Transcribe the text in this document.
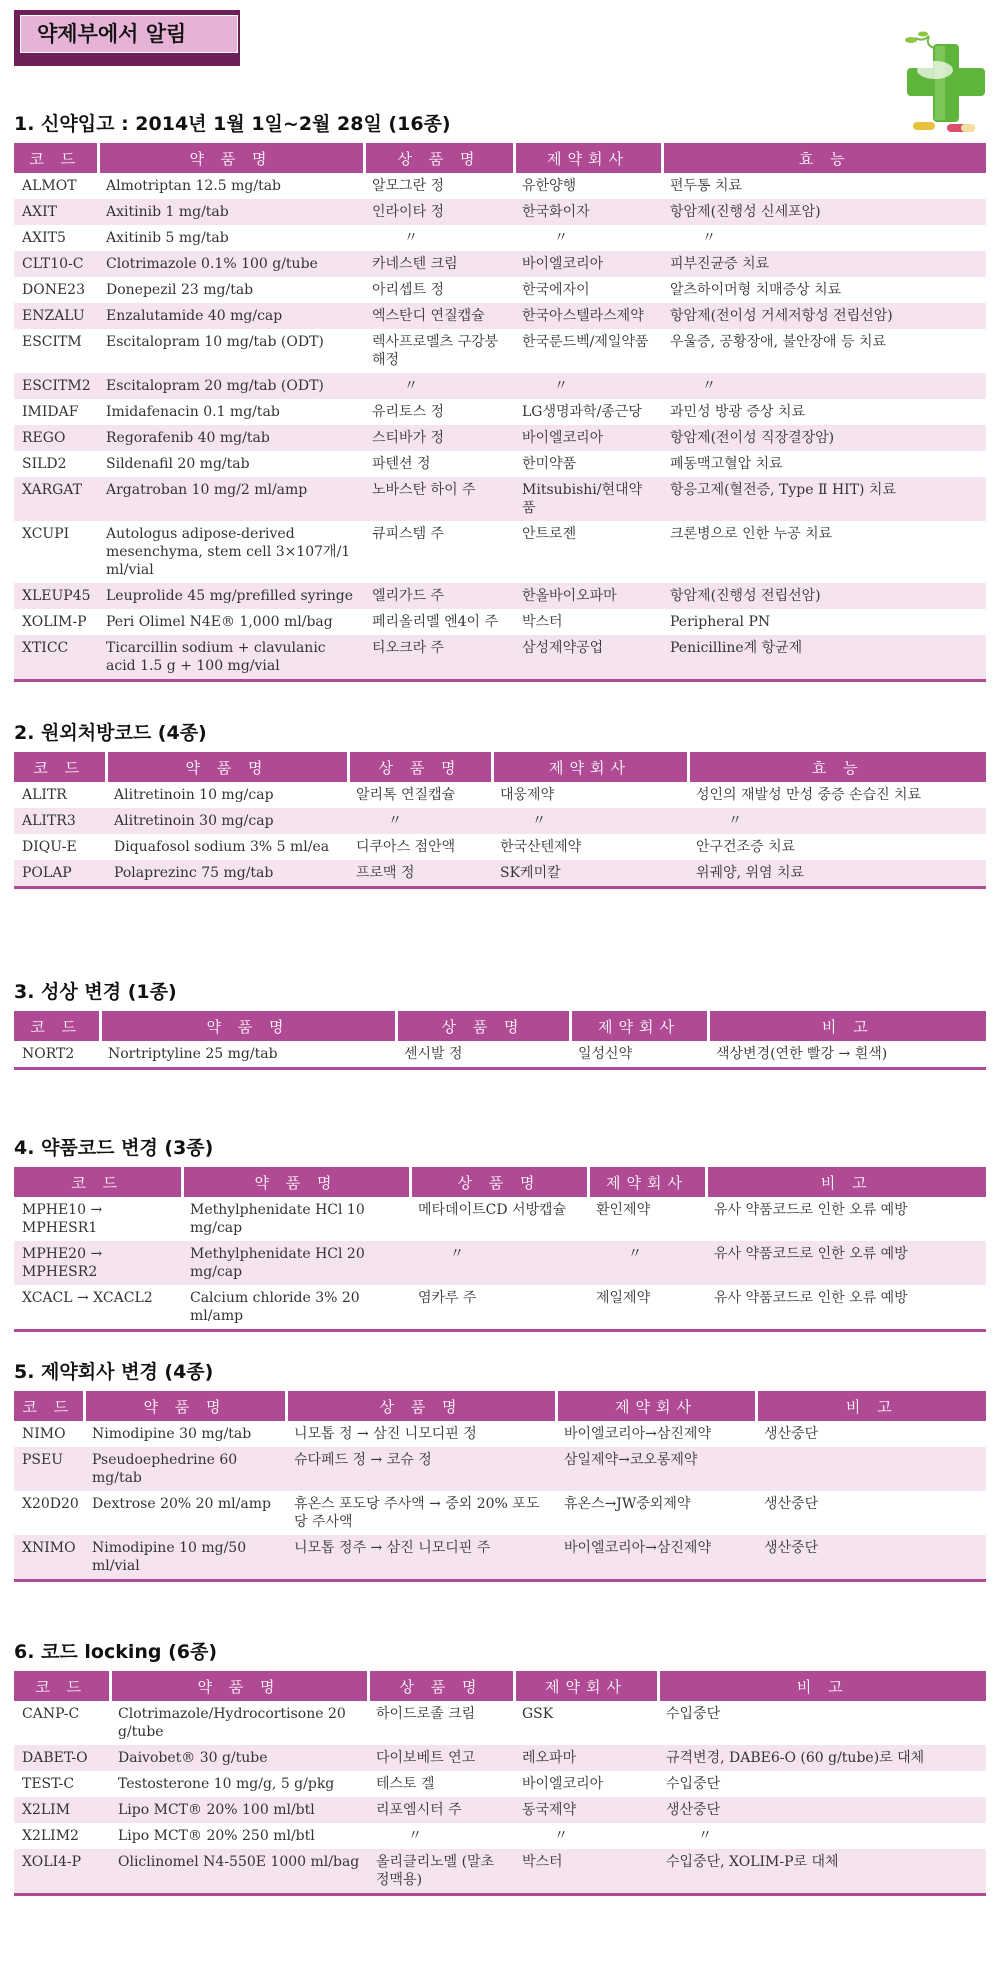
약제부에서 알림
1. 신약입고 : 2014년 1월 1일~2월 28일 (16종)
코 드	약 품 명	상 품 명	제약회사	효 능
ALMOT	Almotriptan 12.5 mg/tab	알모그란 정	유한양행	편두통 치료
AXIT	Axitinib 1 mg/tab	인라이타 정	한국화이자	항암제(진행성 신세포암)
AXIT5	Axitinib 5 mg/tab	〃	〃	〃
CLT10-C	Clotrimazole 0.1% 100 g/tube	카네스텐 크림	바이엘코리아	피부진균증 치료
DONE23	Donepezil 23 mg/tab	아리셉트 정	한국에자이	알츠하이머형 치매증상 치료
ENZALU	Enzalutamide 40 mg/cap	엑스탄디 연질캡슐	한국아스텔라스제약	항암제(전이성 거세저항성 전립선암)
ESCITM	Escitalopram 10 mg/tab (ODT)	렉사프로멜츠 구강붕해정	한국룬드벡/제일약품	우울증, 공황장애, 불안장애 등 치료
ESCITM2	Escitalopram 20 mg/tab (ODT)	〃	〃	〃
IMIDAF	Imidafenacin 0.1 mg/tab	유리토스 정	LG생명과학/종근당	과민성 방광 증상 치료
REGO	Regorafenib 40 mg/tab	스티바가 정	바이엘코리아	항암제(전이성 직장결장암)
SILD2	Sildenafil 20 mg/tab	파텐션 정	한미약품	폐동맥고혈압 치료
XARGAT	Argatroban 10 mg/2 ml/amp	노바스탄 하이 주	Mitsubishi/현대약품	항응고제(혈전증, Type Ⅱ HIT) 치료
XCUPI	Autologus adipose-derived mesenchyma, stem cell 3×107개/1 ml/vial	큐피스템 주	안트로젠	크론병으로 인한 누공 치료
XLEUP45	Leuprolide 45 mg/prefilled syringe	엘리가드 주	한올바이오파마	항암제(진행성 전립선암)
XOLIM-P	Peri Olimel N4E® 1,000 ml/bag	페리올리멜 엔4이 주	박스터	Peripheral PN
XTICC	Ticarcillin sodium + clavulanic acid 1.5 g + 100 mg/vial	티오크라 주	삼성제약공업	Penicilline계 항균제
2. 원외처방코드 (4종)
코 드	약 품 명	상 품 명	제약회사	효 능
ALITR	Alitretinoin 10 mg/cap	알리톡 연질캡슐	대웅제약	성인의 재발성 만성 중증 손습진 치료
ALITR3	Alitretinoin 30 mg/cap	〃	〃	〃
DIQU-E	Diquafosol sodium 3% 5 ml/ea	디쿠아스 점안액	한국산텐제약	안구건조증 치료
POLAP	Polaprezinc 75 mg/tab	프로맥 정	SK케미칼	위궤양, 위염 치료
3. 성상 변경 (1종)
코 드	약 품 명	상 품 명	제약회사	비 고
NORT2	Nortriptyline 25 mg/tab	센시발 정	일성신약	색상변경(연한 빨강 → 흰색)
4. 약품코드 변경 (3종)
코 드	약 품 명	상 품 명	제약회사	비 고
MPHE10 → MPHESR1	Methylphenidate HCl 10 mg/cap	메타데이트CD 서방캡슐	환인제약	유사 약품코드로 인한 오류 예방
MPHE20 → MPHESR2	Methylphenidate HCl 20 mg/cap	〃	〃	유사 약품코드로 인한 오류 예방
XCACL → XCACL2	Calcium chloride 3% 20 ml/amp	염카루 주	제일제약	유사 약품코드로 인한 오류 예방
5. 제약회사 변경 (4종)
코 드	약 품 명	상 품 명	제약회사	비 고
NIMO	Nimodipine 30 mg/tab	니모톱 정 → 삼진 니모디핀 정	바이엘코리아→삼진제약	생산중단
PSEU	Pseudoephedrine 60 mg/tab	슈다페드 정 → 코슈 정	삼일제약→코오롱제약	
X20D20	Dextrose 20% 20 ml/amp	휴온스 포도당 주사액 → 중외 20% 포도당 주사액	휴온스→JW중외제약	생산중단
XNIMO	Nimodipine 10 mg/50 ml/vial	니모톱 정주 → 삼진 니모디핀 주	바이엘코리아→삼진제약	생산중단
6. 코드 locking (6종)
코 드	약 품 명	상 품 명	제약회사	비 고
CANP-C	Clotrimazole/Hydrocortisone 20 g/tube	하이드로졸 크림	GSK	수입중단
DABET-O	Daivobet® 30 g/tube	다이보베트 연고	레오파마	규격변경, DABE6-O (60 g/tube)로 대체
TEST-C	Testosterone 10 mg/g, 5 g/pkg	테스토 겔	바이엘코리아	수입중단
X2LIM	Lipo MCT® 20% 100 ml/btl	리포엠시터 주	동국제약	생산중단
X2LIM2	Lipo MCT® 20% 250 ml/btl	〃	〃	〃
XOLI4-P	Oliclinomel N4-550E 1000 ml/bag	올리클리노멜 (말초정맥용)	박스터	수입중단, XOLIM-P로 대체
